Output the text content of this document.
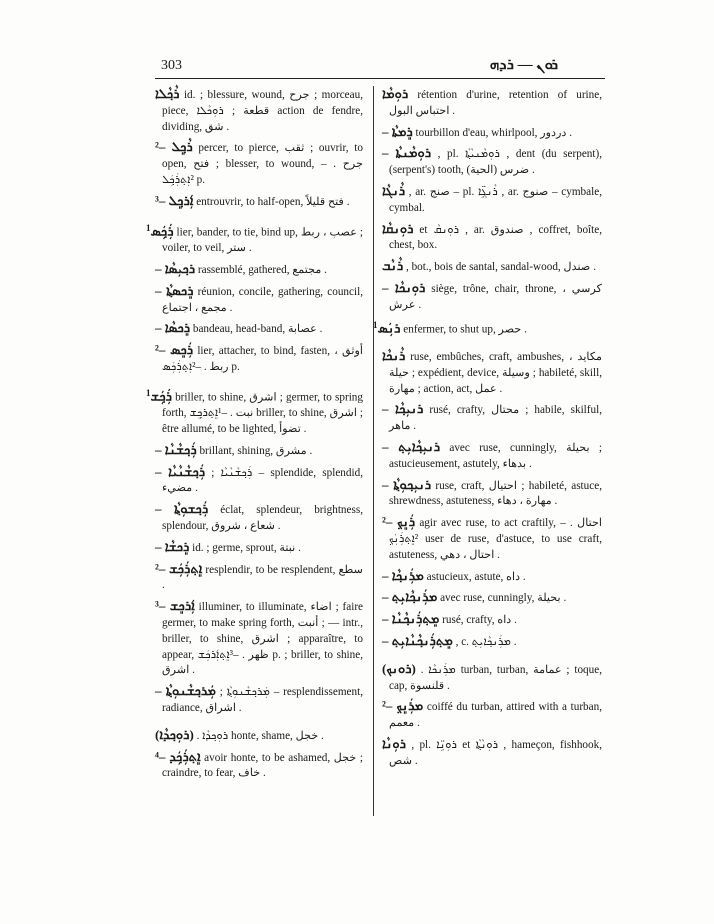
303	ܪܘܢ — ܪܕܗ
ܪܵܟ݂ܵܠܐ id. ; blessure, wound, جرح ; morceau, piece, قطعة ; ܪܘܼܟܵܠܐ action de fendre, dividing, شق .
ܪܵܟ݂ܸܠ –² percer, to pierce, ثقب ; ouvrir, to open, فتح ; blesser, to wound, جرح . –²ܐܼܬ݂ܪܲܟ݂ܲܠ p.
ܐܲܪܟ݂ܸܠ –³ entrouvrir, to half-open, فتح قليلاً .
$^1$ܪܲܟ݂ܲܣ lier, bander, to tie, bind up, عصب ، ربط ; voiler, to veil, ستر .
ܪܟ݂ܝܼܣܵܐ – rassemblé, gathered, مجتمع .
ܪܸܟܣܬ݂ܵܐ – réunion, concile, gathering, council, مجمع ، اجتماع .
ܪܸܟܣܵܐ – bandeau, head-band, عصابة .
ܪܲܟܸܣ –² lier, attacher, to bind, fasten, أوثق ، ربط . –²ܐܼܬ݂ܪܲܟܲܣ p.
$^1$ܪܲܟ݂ܲܫ briller, to shine, اشرق ; germer, to spring forth, نبت . –¹ܐܸܬ݂ܪܟ݂ܸܫ briller, to shine, اشرق ; être allumé, to be lighted, تضوأ .
ܪܲܟ݂ܫܵܢܵܐ – brillant, shining, مشرق .
ܪܲܟ݂ܫܵܢܵܝܵܐ – ; ܪܲܟ݂ܫܵܢܵܝܵܐ – splendide, splendid, مضيء .
ܪܲܟ݂ܫܘܼܬ݂ܵܐ – éclat, splendeur, brightness, splendour, شعاع ، شروق .
ܪܸܟܫܵܐ – id. ; germe, sprout, نبتة .
ܐܸܬ݂ܪܲܟܲܫ –² resplendir, to be resplendent, سطع .
ܐܲܪܟܸܫ –³ illuminer, to illuminate, اضاء ; faire germer, to make spring forth, أنبت ; — intr., briller, to shine, اشرق ; apparaître, to appear, ظهر . –³ܐܸܬ݂ܐܲܪܟܲܫ p. ; briller, to shine, اشرق .
ܡܲܪܟ݂ܫܵܢܘܼܬ݂ܵܐ – ; ܡܲܪܟ݂ܫܵܢܘܼܬ݂ܵܐ – resplendissement, radiance, اشراق .
(ܪܘܼܟ݂ܕܵܐ) . ܪܘܼܟ݂ܕܵܐ honte, shame, خجل .
ܐܸܬ݂ܪܲܟ݂ܲܕ –⁴ avoir honte, to be ashamed, خجل ; craindre, to fear, خاف .
ܪܘܼܡܵܐ rétention d'urine, retention of urine, احتباس البول .
ܪܸܡܬܵܐ – tourbillon d'eau, whirlpool, دردور .
ܪܘܼܡܵܢܬܵܐ – , pl. ܪܘܼܡܵܢܝܵܬ݂ܵܐ , dent (du serpent), (serpent's) tooth, ضرس (الحية) .
ܪܵܢܓܵܐ , ar. صنج – pl. ܪܵܢܓܹ̈ܐ , ar. صنوج – cymbale, cymbal.
ܪܘܼܢܩܵܐ et ܪܘܼܢܩܵ , ar. صندوق , coffret, boîte, chest, box.
ܪܵܢܵܒ , bot., bois de santal, sandal-wood, صندل .
ܪܘܼܢܟܵܐ – siège, trône, chair, throne, كرسي ، عرش .
$^1$ܪܢܲܣ enfermer, to shut up, حصر .
ܪܵܢܟܵܐ ruse, embûches, craft, ambushes, مكايد ، حيلة ; expédient, device, وسيلة ; habileté, skill, مهارة ; action, act, عمل .
ܪܢܝܼܟ݂ܵܐ – rusé, crafty, محتال ; habile, skilful, ماهر .
ܪܢܝܼܟ݂ܵܐܝܼܬ݂ – avec ruse, cunningly, بحيلة ; astucieusement, astutely, بدهاء .
ܪܢܝܼܟ݂ܘܼܬ݂ܵܐ – ruse, craft, احتيال ; habileté, astuce, shrewdness, astuteness, مهارة ، دهاء .
ܪܲܢܸܟ݂ –² agir avec ruse, to act craftily, احتال . –²ܐܸܬ݂ܪܲܢܲܟ݂ user de ruse, d'astuce, to use craft, astuteness, احتال ، دهي .
ܡܪܲܢܟ݂ܵܐ – astucieux, astute, داه .
ܡܪܲܢܟ݂ܵܐܝܼܬ݂ – avec ruse, cunningly, بحيلة .
ܡܸܬ݂ܪܲܢܟ݂ܵܢܵܐ – rusé, crafty, داه .
ܡܸܬ݂ܪܲܢܟ݂ܵܢܵܐܝܼܬ݂ – , c. ܡܪܲܢܟ݂ܵܐܝܼܬ݂ .
(ܪܘܢܟ) . ܡܪܲܢܟܵܐ turban, turban, عمامة ; toque, cap, قلنسوة .
ܡܪܲܢܸܟ݂ –² coiffé du turban, attired with a turban, معمم .
ܪܘܼܢܵܐ , pl. ܪܘܼܢܹ̈ܐ et ܪܘܼܢܵܬ݂ܵܐ , hameçon, fishhook, شص .
